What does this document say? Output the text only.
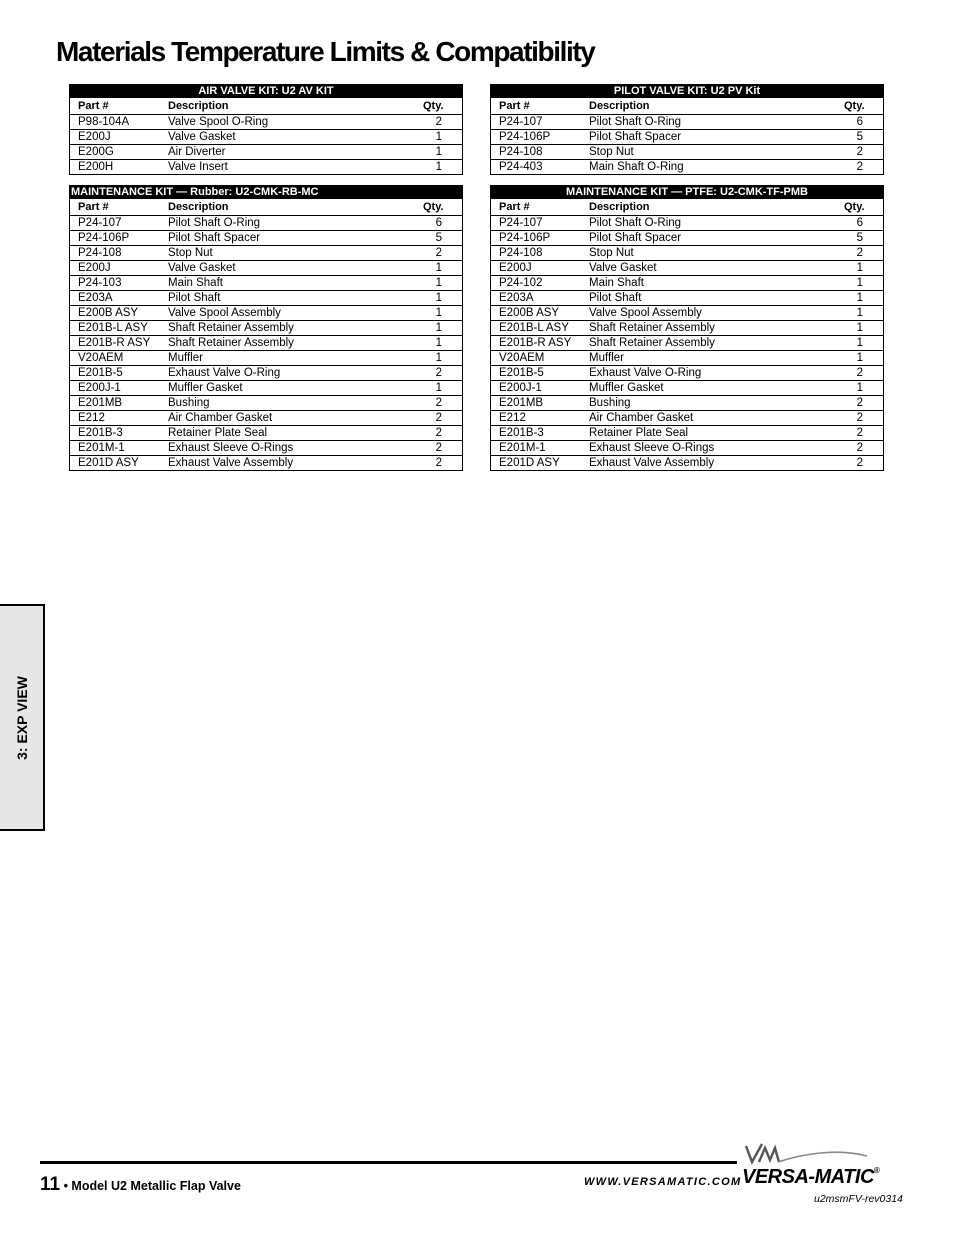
Materials Temperature Limits & Compatibility
AIR VALVE KIT: U2 AV KIT
Part #	Description	Qty.
P98-104A	Valve Spool O-Ring	2
E200J	Valve Gasket	1
E200G	Air Diverter	1
E200H	Valve Insert	1
PILOT VALVE KIT: U2 PV Kit
Part #	Description	Qty.
P24-107	Pilot Shaft O-Ring	6
P24-106P	Pilot Shaft Spacer	5
P24-108	Stop Nut	2
P24-403	Main Shaft O-Ring	2
MAINTENANCE KIT — Rubber: U2-CMK-RB-MC
Part #	Description	Qty.
P24-107	Pilot Shaft O-Ring	6
P24-106P	Pilot Shaft Spacer	5
P24-108	Stop Nut	2
E200J	Valve Gasket	1
P24-103	Main Shaft	1
E203A	Pilot Shaft	1
E200B ASY	Valve Spool Assembly	1
E201B-L ASY	Shaft Retainer Assembly	1
E201B-R ASY	Shaft Retainer Assembly	1
V20AEM	Muffler	1
E201B-5	Exhaust Valve O-Ring	2
E200J-1	Muffler Gasket	1
E201MB	Bushing	2
E212	Air Chamber Gasket	2
E201B-3	Retainer Plate Seal	2
E201M-1	Exhaust Sleeve O-Rings	2
E201D ASY	Exhaust Valve Assembly	2
MAINTENANCE KIT — PTFE: U2-CMK-TF-PMB
Part #	Description	Qty.
P24-107	Pilot Shaft O-Ring	6
P24-106P	Pilot Shaft Spacer	5
P24-108	Stop Nut	2
E200J	Valve Gasket	1
P24-102	Main Shaft	1
E203A	Pilot Shaft	1
E200B ASY	Valve Spool Assembly	1
E201B-L ASY	Shaft Retainer Assembly	1
E201B-R ASY	Shaft Retainer Assembly	1
V20AEM	Muffler	1
E201B-5	Exhaust Valve O-Ring	2
E200J-1	Muffler Gasket	1
E201MB	Bushing	2
E212	Air Chamber Gasket	2
E201B-3	Retainer Plate Seal	2
E201M-1	Exhaust Sleeve O-Rings	2
E201D ASY	Exhaust Valve Assembly	2
3: EXP VIEW
11 • Model U2 Metallic Flap Valve	WWW.VERSAMATIC.COM VERSA-MATIC®
u2msmFV-rev0314
